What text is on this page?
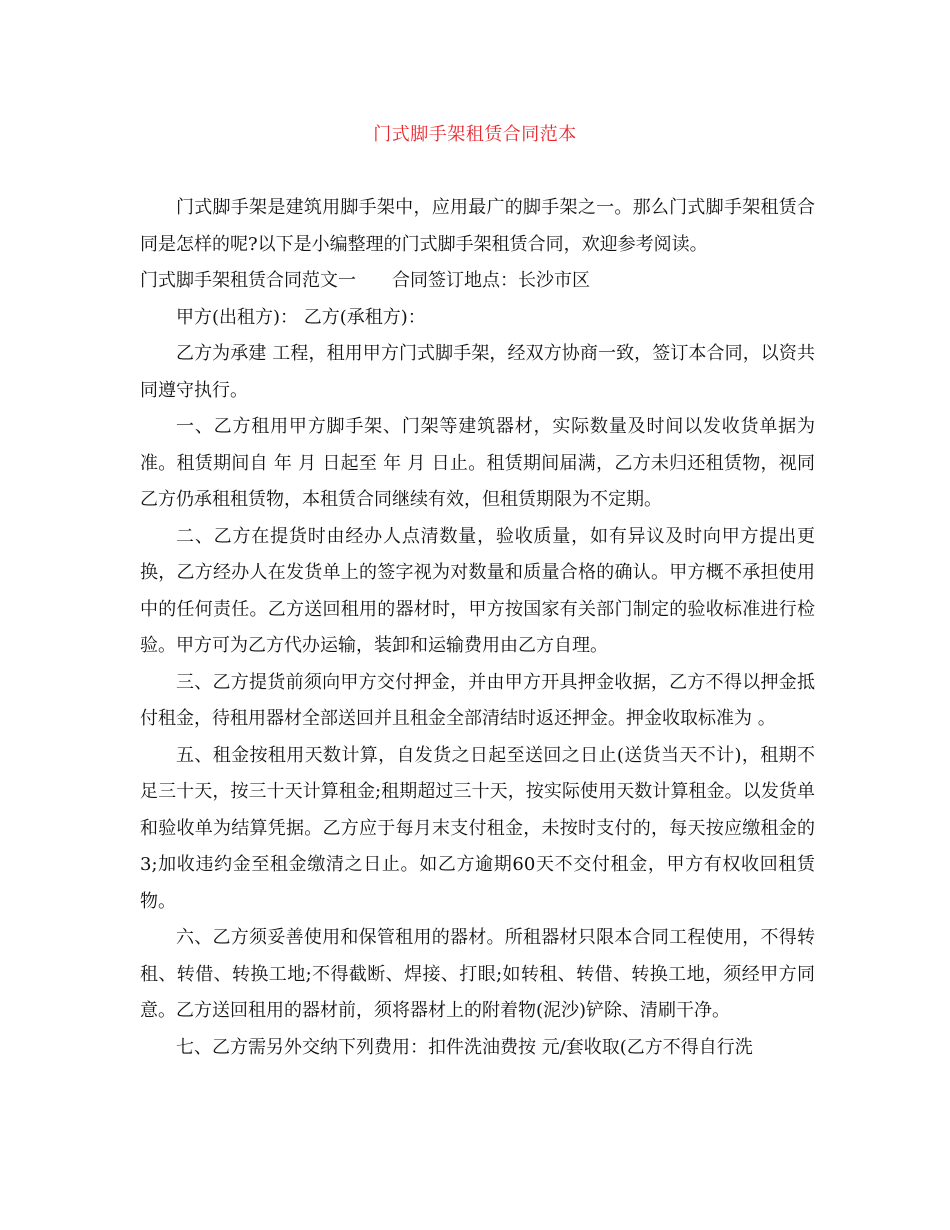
门式脚手架租赁合同范本

门式脚手架是建筑用脚手架中，应用最广的脚手架之一。那么门式脚手架租赁合同是怎样的呢?以下是小编整理的门式脚手架租赁合同，欢迎参考阅读。

门式脚手架租赁合同范文一 合同签订地点：长沙市区

甲方(出租方)： 乙方(承租方)：

乙方为承建 工程，租用甲方门式脚手架，经双方协商一致，签订本合同，以资共同遵守执行。

一、乙方租用甲方脚手架、门架等建筑器材，实际数量及时间以发收货单据为准。租赁期间自 年 月 日起至 年 月 日止。租赁期间届满，乙方未归还租赁物，视同乙方仍承租租赁物，本租赁合同继续有效，但租赁期限为不定期。

二、乙方在提货时由经办人点清数量，验收质量，如有异议及时向甲方提出更换，乙方经办人在发货单上的签字视为对数量和质量合格的确认。甲方概不承担使用中的任何责任。乙方送回租用的器材时，甲方按国家有关部门制定的验收标准进行检验。甲方可为乙方代办运输，装卸和运输费用由乙方自理。

三、乙方提货前须向甲方交付押金，并由甲方开具押金收据，乙方不得以押金抵付租金，待租用器材全部送回并且租金全部清结时返还押金。押金收取标准为 。

五、租金按租用天数计算，自发货之日起至送回之日止(送货当天不计)，租期不足三十天，按三十天计算租金;租期超过三十天，按实际使用天数计算租金。以发货单和验收单为结算凭据。乙方应于每月末支付租金，未按时支付的，每天按应缴租金的3;加收违约金至租金缴清之日止。如乙方逾期60天不交付租金，甲方有权收回租赁物。

六、乙方须妥善使用和保管租用的器材。所租器材只限本合同工程使用，不得转租、转借、转换工地;不得截断、焊接、打眼;如转租、转借、转换工地，须经甲方同意。乙方送回租用的器材前，须将器材上的附着物(泥沙)铲除、清刷干净。

七、乙方需另外交纳下列费用：扣件洗油费按 元/套收取(乙方不得自行洗
